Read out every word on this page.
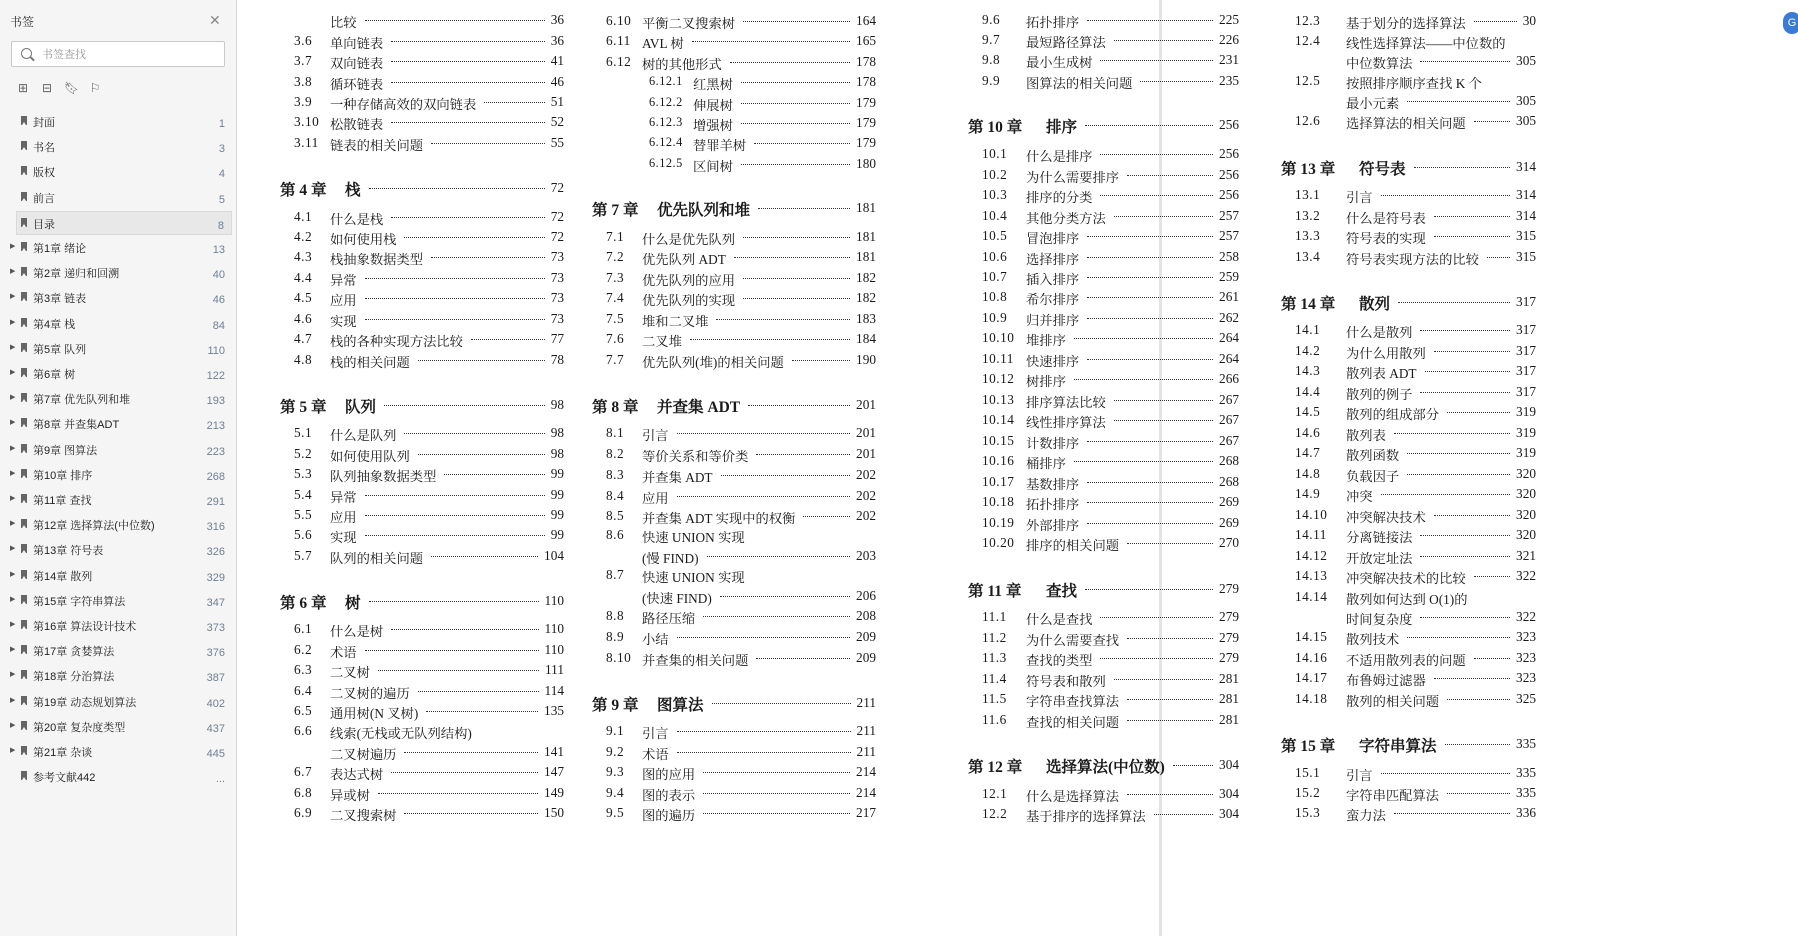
书签	✕
书签查找
⊞ ⊟ 🔖︎ ⚐
封面	1
书名	3
版权	4
前言	5
目录	8
▶ 第1章 绪论	13
▶ 第2章 递归和回溯	40
▶ 第3章 链表	46
▶ 第4章 栈	84
▶ 第5章 队列	110
▶ 第6章 树	122
▶ 第7章 优先队列和堆	193
▶ 第8章 并查集ADT	213
▶ 第9章 图算法	223
▶ 第10章 排序	268
▶ 第11章 查找	291
▶ 第12章 选择算法(中位数)	316
▶ 第13章 符号表	326
▶ 第14章 散列	329
▶ 第15章 字符串算法	347
▶ 第16章 算法设计技术	373
▶ 第17章 贪婪算法	376
▶ 第18章 分治算法	387
▶ 第19章 动态规划算法	402
▶ 第20章 复杂度类型	437
▶ 第21章 杂谈	445
参考文献442	...
比较	36
3.6 单向链表	36
3.7 双向链表	41
3.8 循环链表	46
3.9 一种存储高效的双向链表	51
3.10 松散链表	52
3.11 链表的相关问题	55
第 4 章 栈	72
4.1 什么是栈	72
4.2 如何使用栈	72
4.3 栈抽象数据类型	73
4.4 异常	73
4.5 应用	73
4.6 实现	73
4.7 栈的各种实现方法比较	77
4.8 栈的相关问题	78
第 5 章 队列	98
5.1 什么是队列	98
5.2 如何使用队列	98
5.3 队列抽象数据类型	99
5.4 异常	99
5.5 应用	99
5.6 实现	99
5.7 队列的相关问题	104
第 6 章 树	110
6.1 什么是树	110
6.2 术语	110
6.3 二叉树	111
6.4 二叉树的遍历	114
6.5 通用树(N 叉树)	135
6.6 线索(无栈或无队列结构)
二叉树遍历	141
6.7 表达式树	147
6.8 异或树	149
6.9 二叉搜索树	150
6.10 平衡二叉搜索树	164
6.11 AVL 树	165
6.12 树的其他形式	178
6.12.1 红黑树	178
6.12.2 伸展树	179
6.12.3 增强树	179
6.12.4 替罪羊树	179
6.12.5 区间树	180
第 7 章 优先队列和堆	181
7.1 什么是优先队列	181
7.2 优先队列 ADT	181
7.3 优先队列的应用	182
7.4 优先队列的实现	182
7.5 堆和二叉堆	183
7.6 二叉堆	184
7.7 优先队列(堆)的相关问题	190
第 8 章 并查集 ADT	201
8.1 引言	201
8.2 等价关系和等价类	201
8.3 并查集 ADT	202
8.4 应用	202
8.5 并查集 ADT 实现中的权衡	202
8.6 快速 UNION 实现
(慢 FIND)	203
8.7 快速 UNION 实现
(快速 FIND)	206
8.8 路径压缩	208
8.9 小结	209
8.10 并查集的相关问题	209
第 9 章 图算法	211
9.1 引言	211
9.2 术语	211
9.3 图的应用	214
9.4 图的表示	214
9.5 图的遍历	217
9.6 拓扑排序	225
9.7 最短路径算法	226
9.8 最小生成树	231
9.9 图算法的相关问题	235
第 10 章 排序	256
10.1 什么是排序	256
10.2 为什么需要排序	256
10.3 排序的分类	256
10.4 其他分类方法	257
10.5 冒泡排序	257
10.6 选择排序	258
10.7 插入排序	259
10.8 希尔排序	261
10.9 归并排序	262
10.10 堆排序	264
10.11 快速排序	264
10.12 树排序	266
10.13 排序算法比较	267
10.14 线性排序算法	267
10.15 计数排序	267
10.16 桶排序	268
10.17 基数排序	268
10.18 拓扑排序	269
10.19 外部排序	269
10.20 排序的相关问题	270
第 11 章 查找	279
11.1 什么是查找	279
11.2 为什么需要查找	279
11.3 查找的类型	279
11.4 符号表和散列	281
11.5 字符串查找算法	281
11.6 查找的相关问题	281
第 12 章 选择算法(中位数)	304
12.1 什么是选择算法	304
12.2 基于排序的选择算法	304
12.3 基于划分的选择算法	30
12.4 线性选择算法——中位数的
中位数算法	305
12.5 按照排序顺序查找 K 个
最小元素	305
12.6 选择算法的相关问题	305
第 13 章 符号表	314
13.1 引言	314
13.2 什么是符号表	314
13.3 符号表的实现	315
13.4 符号表实现方法的比较	315
第 14 章 散列	317
14.1 什么是散列	317
14.2 为什么用散列	317
14.3 散列表 ADT	317
14.4 散列的例子	317
14.5 散列的组成部分	319
14.6 散列表	319
14.7 散列函数	319
14.8 负载因子	320
14.9 冲突	320
14.10 冲突解决技术	320
14.11 分离链接法	320
14.12 开放定址法	321
14.13 冲突解决技术的比较	322
14.14 散列如何达到 O(1)的
时间复杂度	322
14.15 散列技术	323
14.16 不适用散列表的问题	323
14.17 布鲁姆过滤器	323
14.18 散列的相关问题	325
第 15 章 字符串算法	335
15.1 引言	335
15.2 字符串匹配算法	335
15.3 蛮力法	336
G
